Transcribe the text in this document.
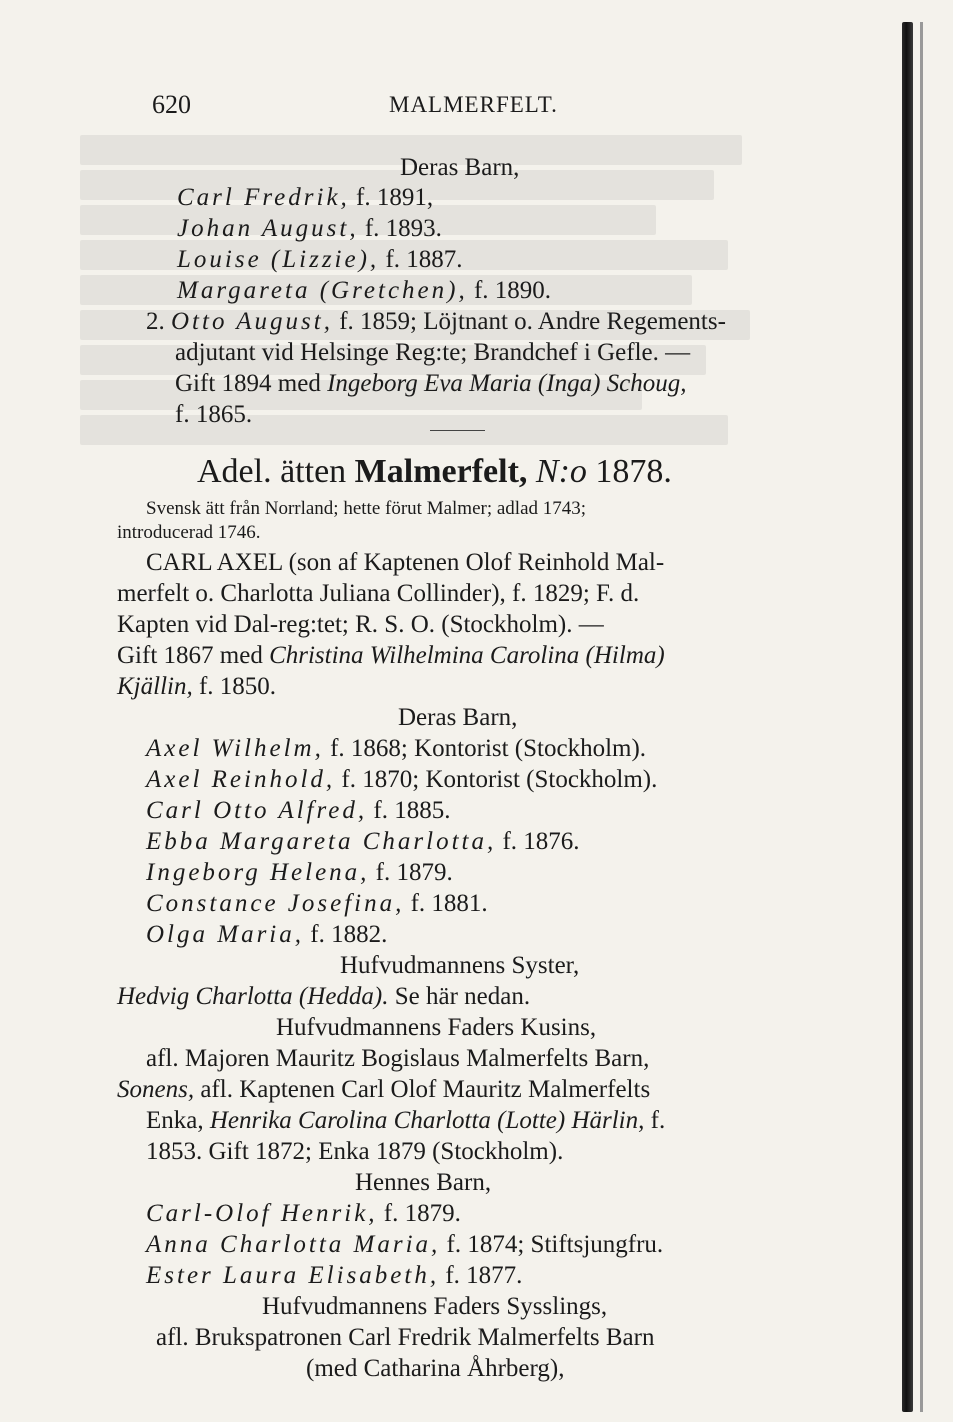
620	MALMERFELT.
Deras Barn,
Carl Fredrik, f. 1891,
Johan August, f. 1893.
Louise (Lizzie), f. 1887.
Margareta (Gretchen), f. 1890.
2. Otto August, f. 1859; Löjtnant o. Andre Regements-
adjutant vid Helsinge Reg:te; Brandchef i Gefle. —
Gift 1894 med Ingeborg Eva Maria (Inga) Schoug,
f. 1865.
Adel. ätten Malmerfelt, N:o 1878.
Svensk ätt från Norrland; hette förut Malmer; adlad 1743;
introducerad 1746.
CARL AXEL (son af Kaptenen Olof Reinhold Mal-
merfelt o. Charlotta Juliana Collinder), f. 1829; F. d.
Kapten vid Dal-reg:tet; R. S. O. (Stockholm). —
Gift 1867 med Christina Wilhelmina Carolina (Hilma)
Kjällin, f. 1850.
Deras Barn,
Axel Wilhelm, f. 1868; Kontorist (Stockholm).
Axel Reinhold, f. 1870; Kontorist (Stockholm).
Carl Otto Alfred, f. 1885.
Ebba Margareta Charlotta, f. 1876.
Ingeborg Helena, f. 1879.
Constance Josefina, f. 1881.
Olga Maria, f. 1882.
Hufvudmannens Syster,
Hedvig Charlotta (Hedda). Se här nedan.
Hufvudmannens Faders Kusins,
afl. Majoren Mauritz Bogislaus Malmerfelts Barn,
Sonens, afl. Kaptenen Carl Olof Mauritz Malmerfelts
Enka, Henrika Carolina Charlotta (Lotte) Härlin, f.
1853. Gift 1872; Enka 1879 (Stockholm).
Hennes Barn,
Carl-Olof Henrik, f. 1879.
Anna Charlotta Maria, f. 1874; Stiftsjungfru.
Ester Laura Elisabeth, f. 1877.
Hufvudmannens Faders Sysslings,
afl. Brukspatronen Carl Fredrik Malmerfelts Barn
(med Catharina Åhrberg),
